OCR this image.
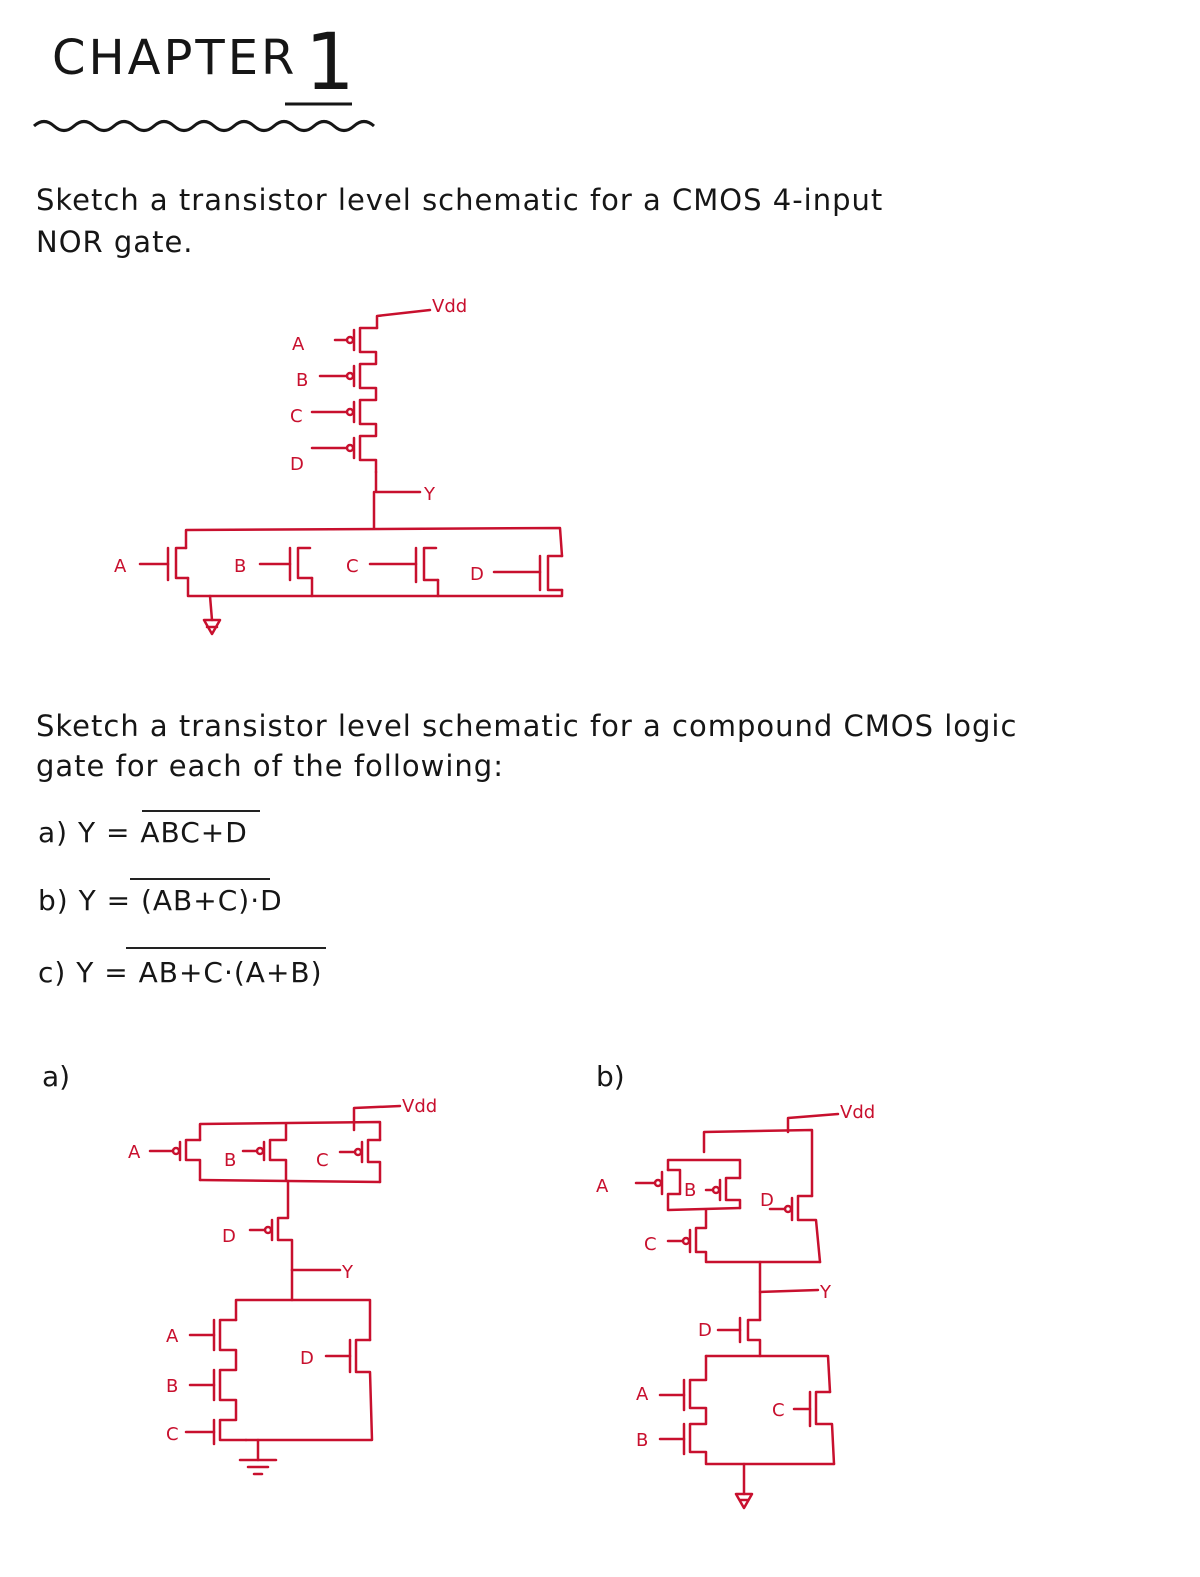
CHAPTER 1
Sketch a transistor level schematic for a CMOS 4-input
NOR gate.
Sketch a transistor level schematic for a compound CMOS logic
gate for each of the following:
a) Y = ABC+D
b) Y = (AB+C)·D
c) Y = AB+C·(A+B)
a)	b)
Vdd
A
B
C
D
Y
A	B	C	D
Vdd
A	B	C
D
Y
A
B
C
D
Vdd
A	B
C
D
Y
D
A
B
C
